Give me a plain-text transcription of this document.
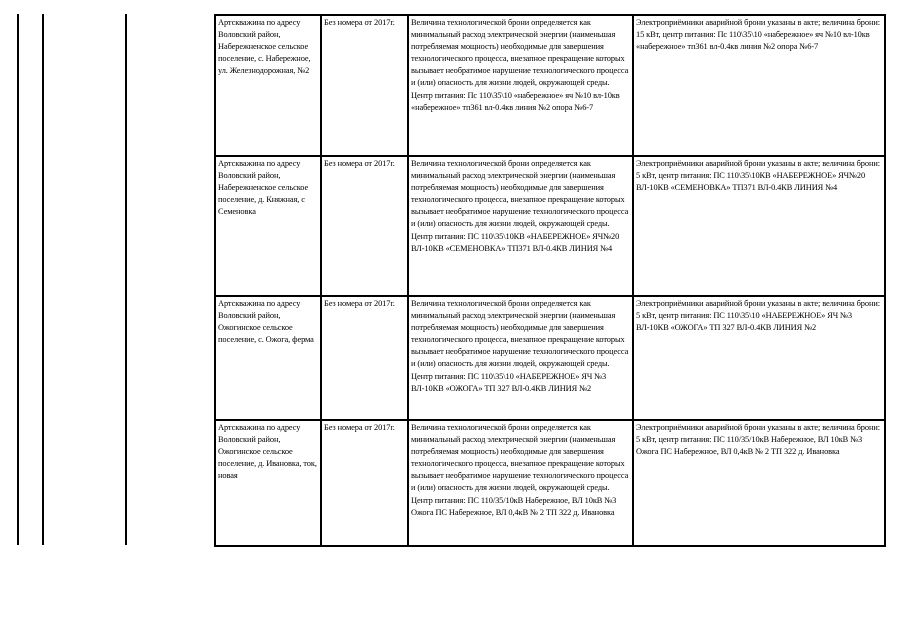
Артскважина по адресу Воловский район, Набережненское сельское поселение, с. Набережное, ул. Железнодорожная, №2	Без номера от 2017г.	Величина технологической брони определяется как минимальный расход электрической энергии (наименьшая потребляемая мощность) необходимые для завершения технологического процесса, внезапное прекращение которых вызывает необратимое нарушение технологического процесса и (или) опасность для жизни людей, окружающей среды. Центр питания: Пс 110\35\10 «набережное» яч №10 вл-10кв «набережное» тп361 вл-0.4кв линия №2 опора №6-7	Электроприёмники аварийной брони указаны в акте; величина брони: 15 кВт, центр питания: Пс 110\35\10 «набережное» яч №10 вл-10кв «набережное» тп361 вл-0.4кв линия №2 опора №6-7
Артскважина по адресу Воловский район, Набережненское сельское поселение, д. Княжная, с Семеновка	Без номера от 2017г.	Величина технологической брони определяется как минимальный расход электрической энергии (наименьшая потребляемая мощность) необходимые для завершения технологического процесса, внезапное прекращение которых вызывает необратимое нарушение технологического процесса и (или) опасность для жизни людей, окружающей среды. Центр питания: ПС 110\35\10КВ «НАБЕРЕЖНОЕ» ЯЧ№20 ВЛ-10КВ «СЕМЕНОВКА» ТП371 ВЛ-0.4КВ ЛИНИЯ №4	Электроприёмники аварийной брони указаны в акте; величина брони: 5 кВт, центр питания: ПС 110\35\10КВ «НАБЕРЕЖНОЕ» ЯЧ№20 ВЛ-10КВ «СЕМЕНОВКА» ТП371 ВЛ-0.4КВ ЛИНИЯ №4
Артскважина по адресу Воловский район, Ожогинское сельское поселение, с. Ожога, ферма	Без номера от 2017г.	Величина технологической брони определяется как минимальный расход электрической энергии (наименьшая потребляемая мощность) необходимые для завершения технологического процесса, внезапное прекращение которых вызывает необратимое нарушение технологического процесса и (или) опасность для жизни людей, окружающей среды. Центр питания: ПС 110\35\10 «НАБЕРЕЖНОЕ» ЯЧ №3 ВЛ-10КВ «ОЖОГА» ТП 327 ВЛ-0.4КВ ЛИНИЯ №2	Электроприёмники аварийной брони указаны в акте; величина брони: 5 кВт, центр питания: ПС 110\35\10 «НАБЕРЕЖНОЕ» ЯЧ №3 ВЛ-10КВ «ОЖОГА» ТП 327 ВЛ-0.4КВ ЛИНИЯ №2
Артскважина по адресу Воловский район, Ожогинское сельское поселение, д. Ивановка, ток, новая	Без номера от 2017г.	Величина технологической брони определяется как минимальный расход электрической энергии (наименьшая потребляемая мощность) необходимые для завершения технологического процесса, внезапное прекращение которых вызывает необратимое нарушение технологического процесса и (или) опасность для жизни людей, окружающей среды. Центр питания: ПС 110/35/10кВ Набережное, ВЛ 10кВ №3 Ожога ПС Набережное, ВЛ 0,4кВ № 2 ТП 322 д. Ивановка	Электроприёмники аварийной брони указаны в акте; величина брони: 5 кВт, центр питания: ПС 110/35/10кВ Набережное, ВЛ 10кВ №3 Ожога ПС Набережное, ВЛ 0,4кВ № 2 ТП 322 д. Ивановка
